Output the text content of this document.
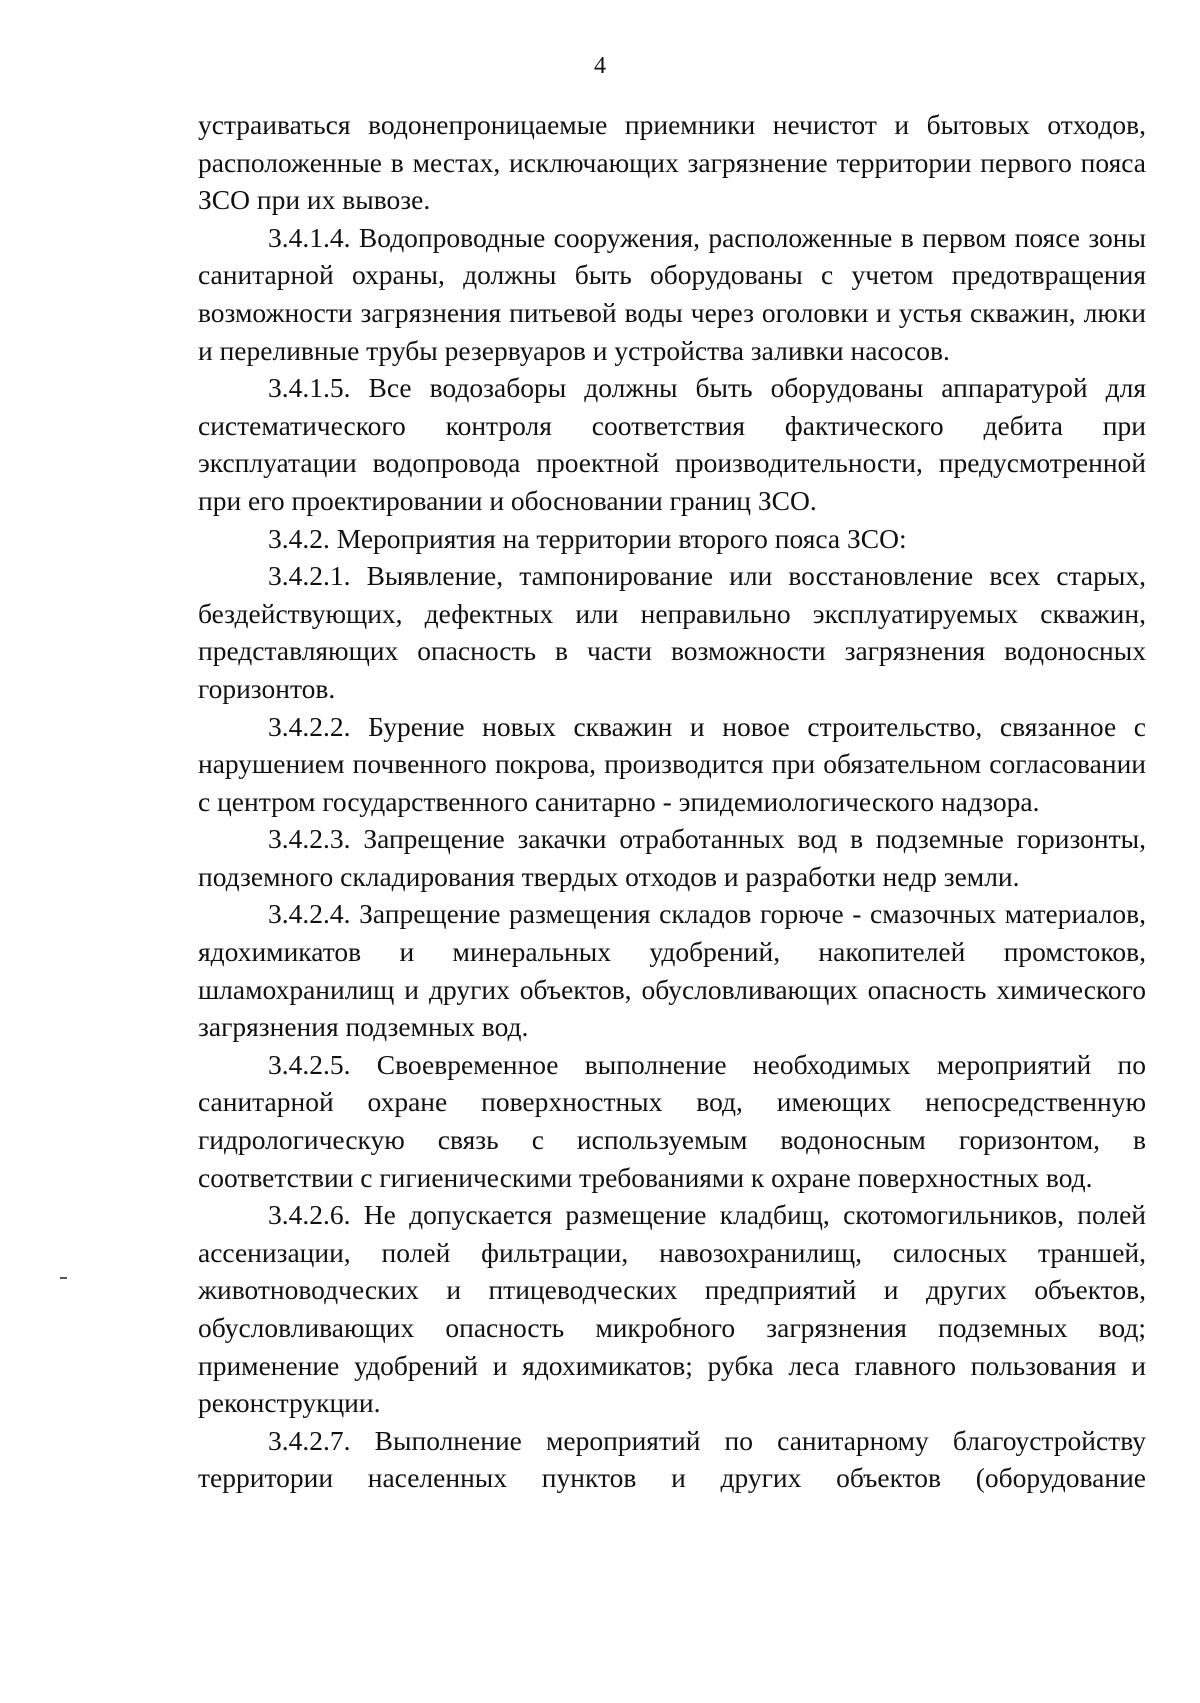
4

устраиваться водонепроницаемые приемники нечистот и бытовых отходов, расположенные в местах, исключающих загрязнение территории первого пояса ЗСО при их вывозе.

3.4.1.4. Водопроводные сооружения, расположенные в первом поясе зоны санитарной охраны, должны быть оборудованы с учетом предотвращения возможности загрязнения питьевой воды через оголовки и устья скважин, люки и переливные трубы резервуаров и устройства заливки насосов.

3.4.1.5. Все водозаборы должны быть оборудованы аппаратурой для систематического контроля соответствия фактического дебита при эксплуатации водопровода проектной производительности, предусмотренной при его проектировании и обосновании границ ЗСО.

3.4.2. Мероприятия на территории второго пояса ЗСО:

3.4.2.1. Выявление, тампонирование или восстановление всех старых, бездействующих, дефектных или неправильно эксплуатируемых скважин, представляющих опасность в части возможности загрязнения водоносных горизонтов.

3.4.2.2. Бурение новых скважин и новое строительство, связанное с нарушением почвенного покрова, производится при обязательном согласовании с центром государственного санитарно - эпидемиологического надзора.

3.4.2.3. Запрещение закачки отработанных вод в подземные горизонты, подземного складирования твердых отходов и разработки недр земли.

3.4.2.4. Запрещение размещения складов горюче - смазочных материалов, ядохимикатов и минеральных удобрений, накопителей промстоков, шламохранилищ и других объектов, обусловливающих опасность химического загрязнения подземных вод.

3.4.2.5. Своевременное выполнение необходимых мероприятий по санитарной охране поверхностных вод, имеющих непосредственную гидрологическую связь с используемым водоносным горизонтом, в соответствии с гигиеническими требованиями к охране поверхностных вод.

3.4.2.6. Не допускается размещение кладбищ, скотомогильников, полей ассенизации, полей фильтрации, навозохранилищ, силосных траншей, животноводческих и птицеводческих предприятий и других объектов, обусловливающих опасность микробного загрязнения подземных вод; применение удобрений и ядохимикатов; рубка леса главного пользования и реконструкции.

3.4.2.7. Выполнение мероприятий по санитарному благоустройству территории населенных пунктов и других объектов (оборудование
